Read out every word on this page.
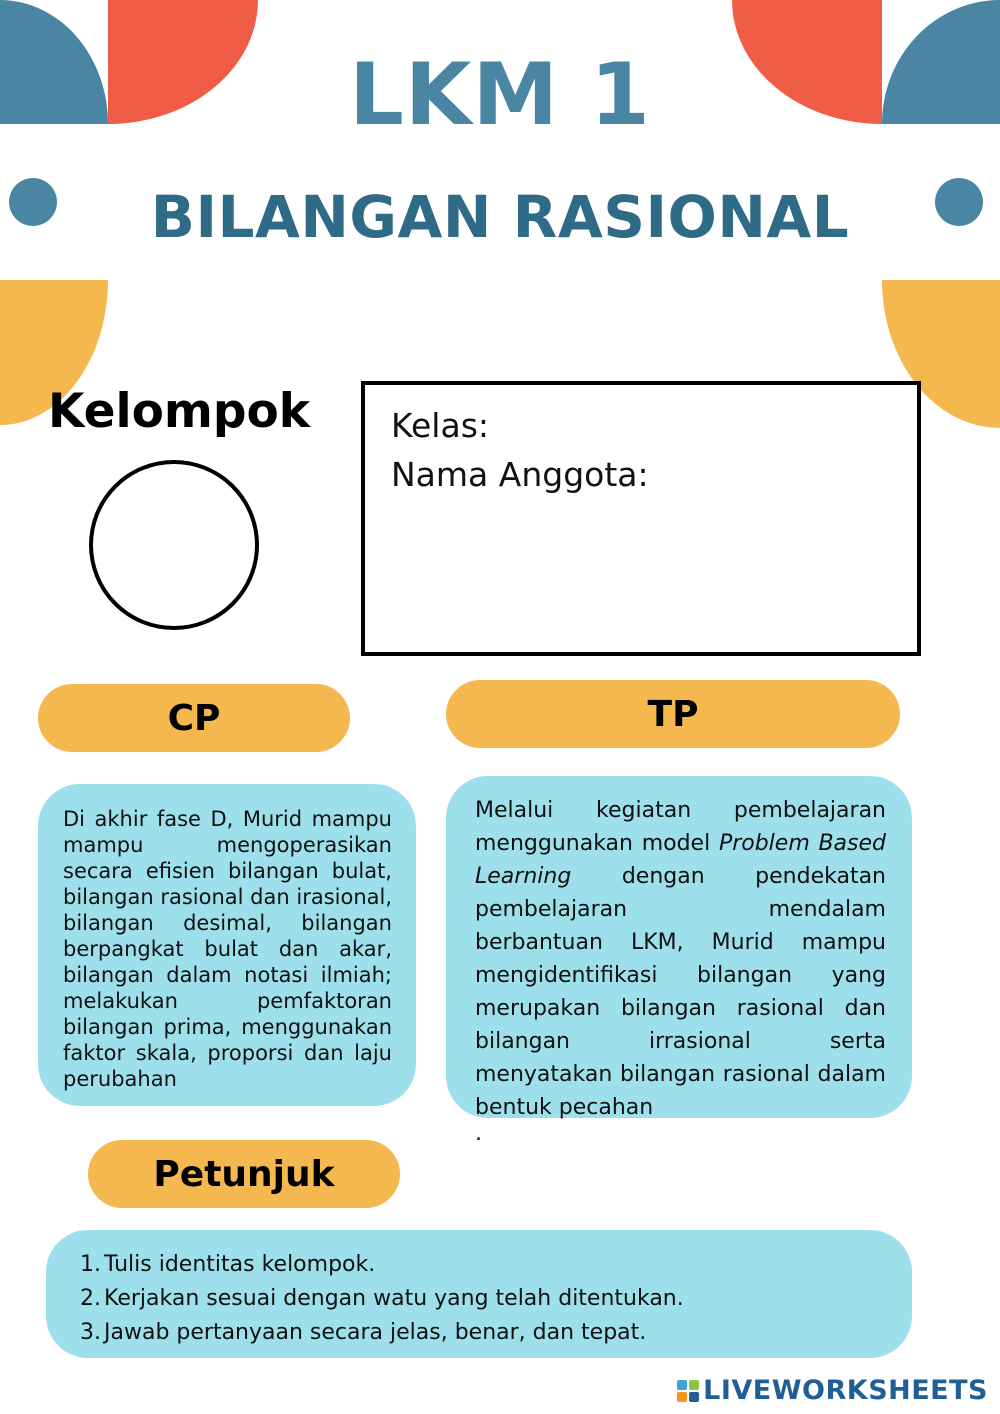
LKM 1
BILANGAN RASIONAL
Kelompok Kelas:
Nama Anggota:
CP
Di akhir fase D, Murid mampu mampu mengoperasikan secara efisien bilangan bulat, bilangan rasional dan irasional, bilangan desimal, bilangan berpangkat bulat dan akar, bilangan dalam notasi ilmiah; melakukan pemfaktoran bilangan prima, menggunakan faktor skala, proporsi dan laju perubahan
TP
Melalui kegiatan pembelajaran menggunakan model Problem Based Learning dengan pendekatan pembelajaran mendalam berbantuan LKM, Murid mampu mengidentifikasi bilangan yang merupakan bilangan rasional dan bilangan irrasional serta menyatakan bilangan rasional dalam bentuk pecahan
.
Petunjuk
1. Tulis identitas kelompok.
2. Kerjakan sesuai dengan watu yang telah ditentukan.
3. Jawab pertanyaan secara jelas, benar, dan tepat.
LIVEWORKSHEETS
